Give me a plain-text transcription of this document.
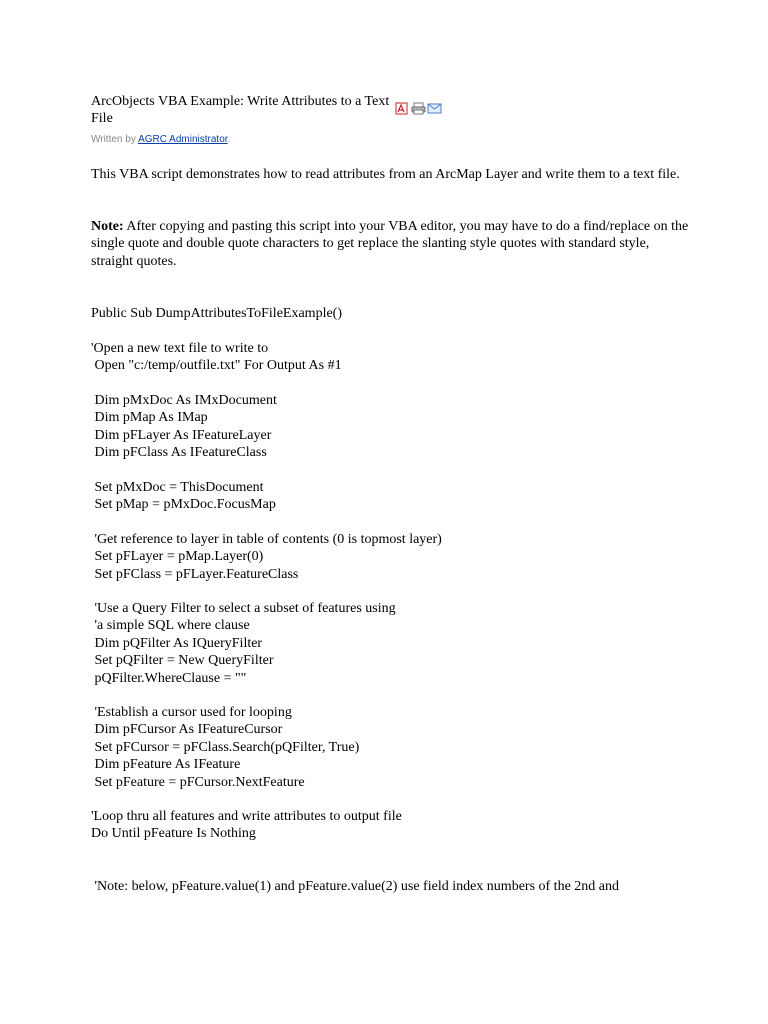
ArcObjects VBA Example: Write Attributes to a Text File
Written by AGRC Administrator.
This VBA script demonstrates how to read attributes from an ArcMap Layer and write them to a text file.
Note: After copying and pasting this script into your VBA editor, you may have to do a find/replace on the single quote and double quote characters to get replace the slanting style quotes with standard style, straight quotes.
Public Sub DumpAttributesToFileExample()
'Open a new text file to write to
Open "c:/temp/outfile.txt" For Output As #1
Dim pMxDoc As IMxDocument
Dim pMap As IMap
Dim pFLayer As IFeatureLayer
Dim pFClass As IFeatureClass
Set pMxDoc = ThisDocument
Set pMap = pMxDoc.FocusMap
'Get reference to layer in table of contents (0 is topmost layer)
Set pFLayer = pMap.Layer(0)
Set pFClass = pFLayer.FeatureClass
'Use a Query Filter to select a subset of features using
'a simple SQL where clause
Dim pQFilter As IQueryFilter
Set pQFilter = New QueryFilter
pQFilter.WhereClause = ""
'Establish a cursor used for looping
Dim pFCursor As IFeatureCursor
Set pFCursor = pFClass.Search(pQFilter, True)
Dim pFeature As IFeature
Set pFeature = pFCursor.NextFeature
'Loop thru all features and write attributes to output file
Do Until pFeature Is Nothing
'Note: below, pFeature.value(1) and pFeature.value(2) use field index numbers of the 2nd and
